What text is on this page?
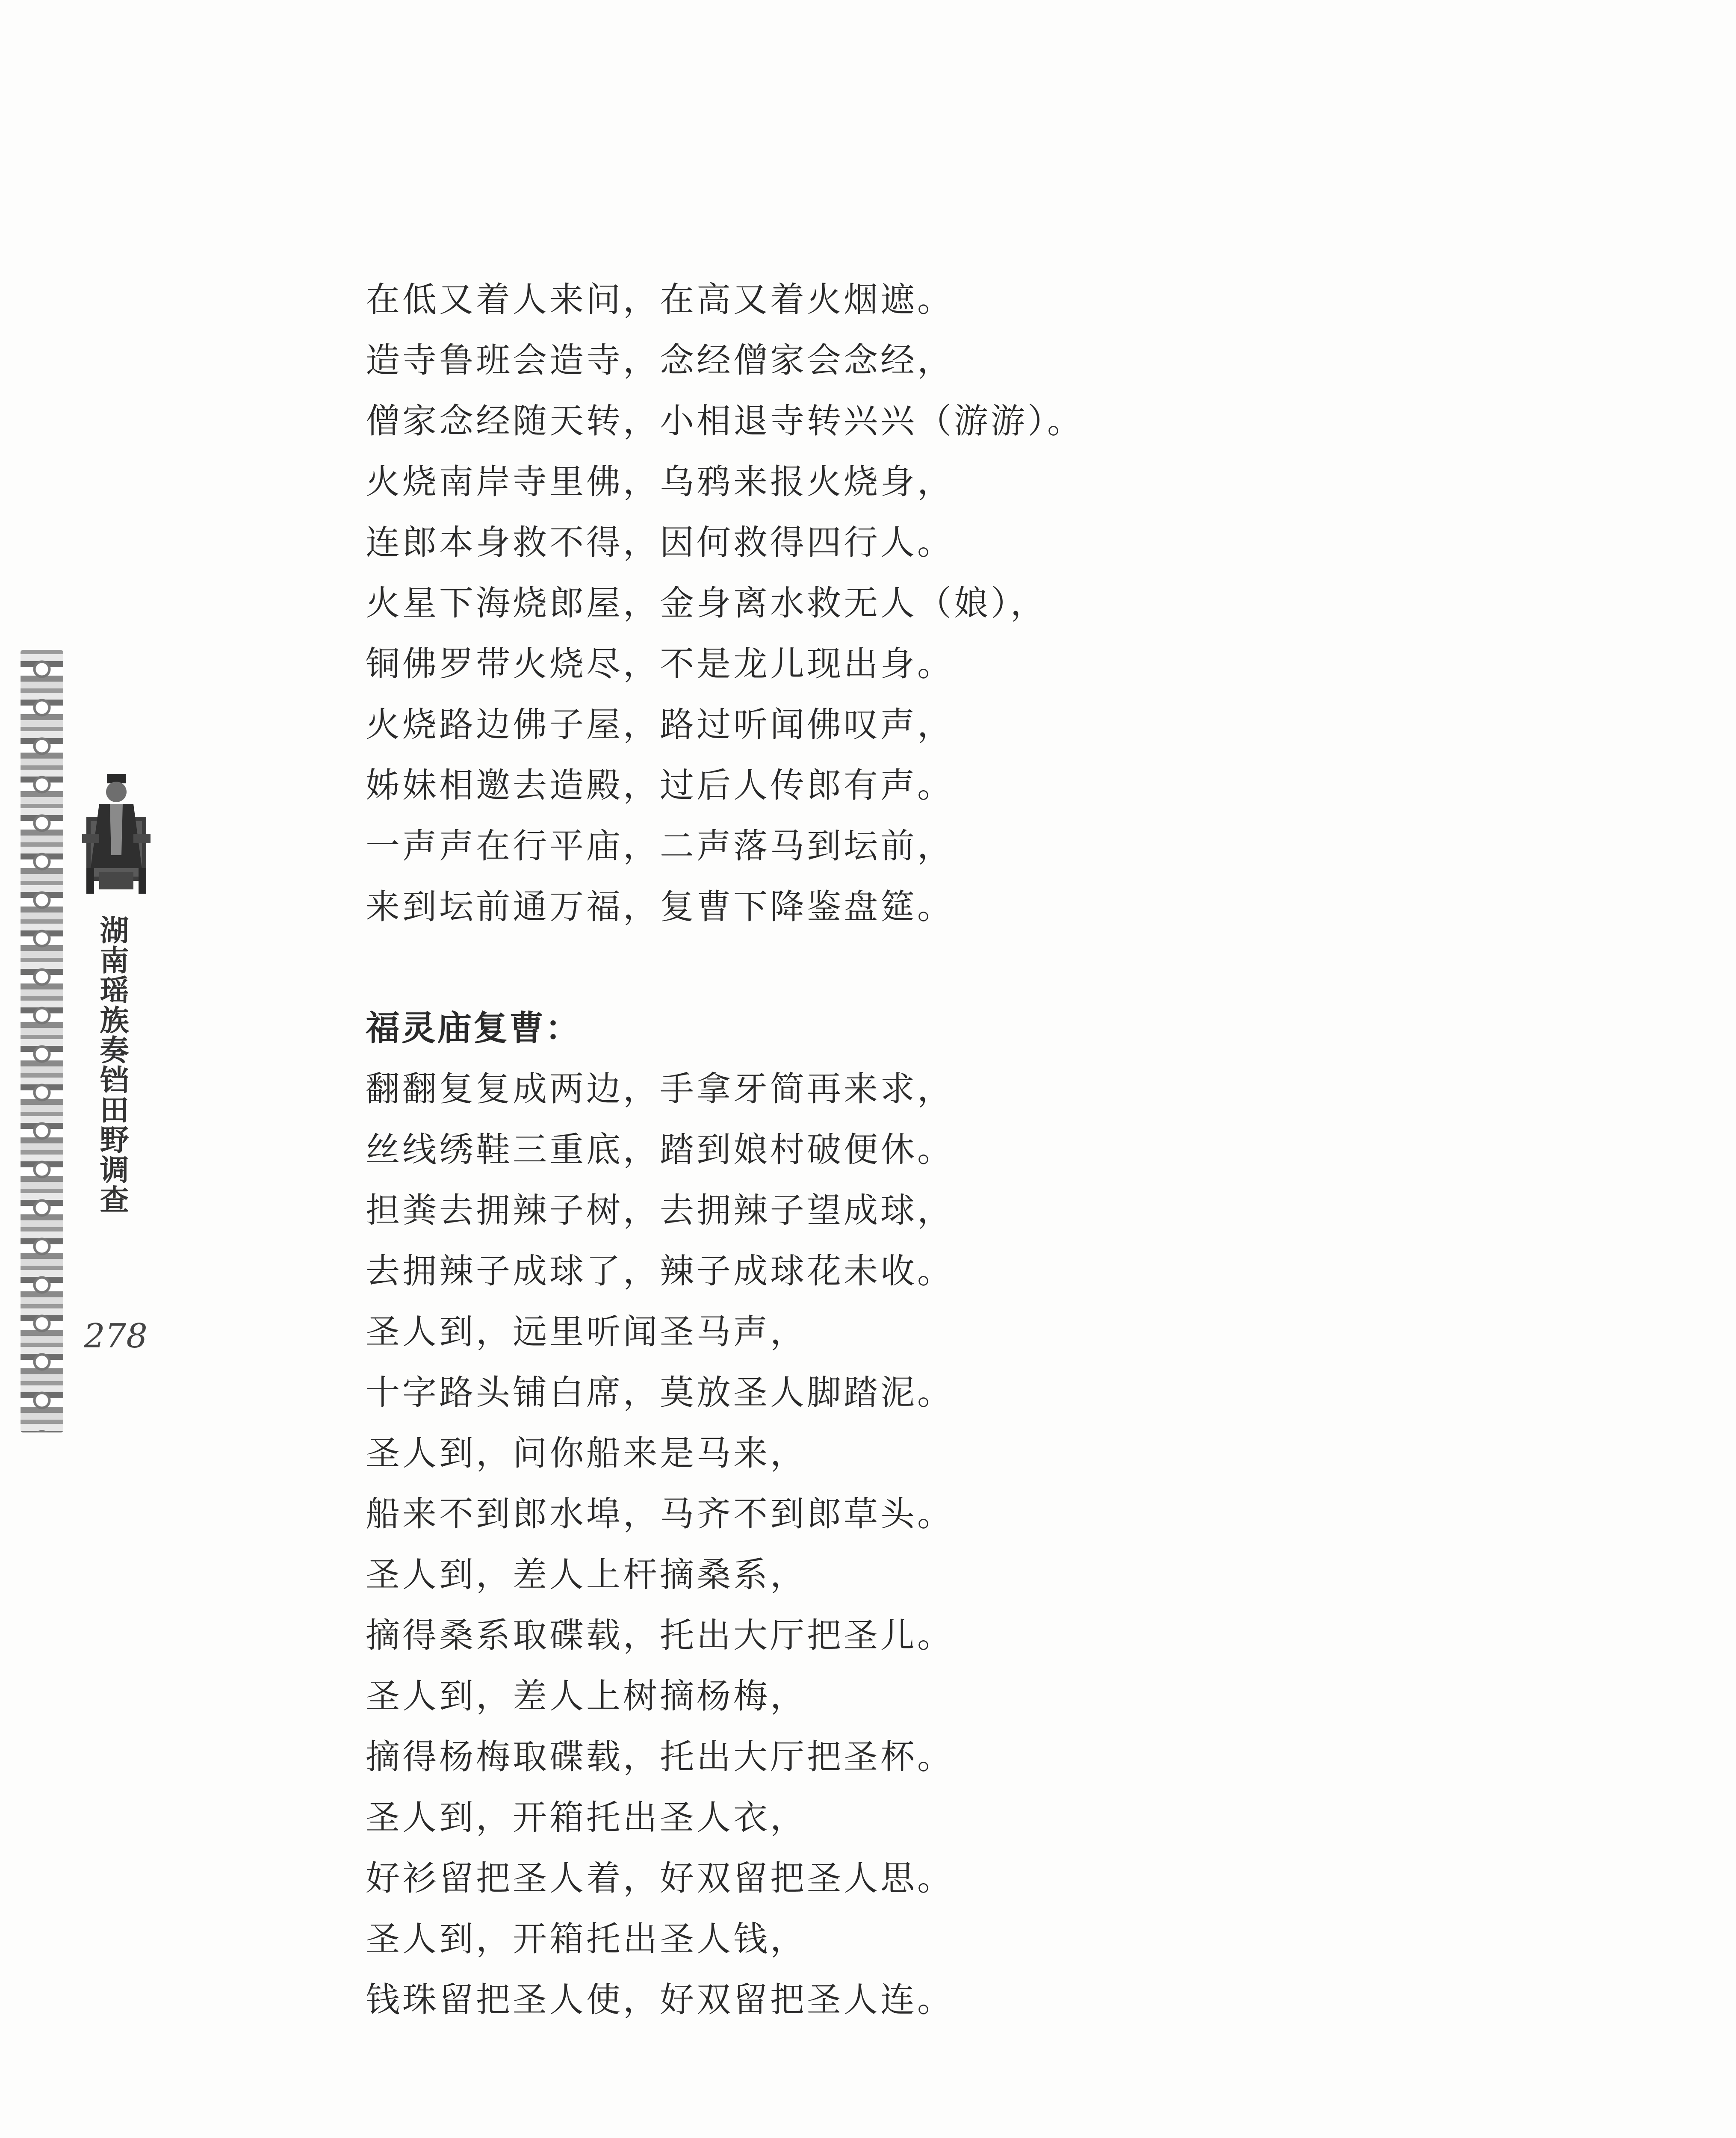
湖南瑶族奏铛田野调查
278
在低又着人来问，在高又着火烟遮。
造寺鲁班会造寺，念经僧家会念经，
僧家念经随天转，小相退寺转兴兴（游游）。
火烧南岸寺里佛，乌鸦来报火烧身，
连郎本身救不得，因何救得四行人。
火星下海烧郎屋，金身离水救无人（娘），
铜佛罗带火烧尽，不是龙儿现出身。
火烧路边佛子屋，路过听闻佛叹声，
姊妹相邀去造殿，过后人传郎有声。
一声声在行平庙，二声落马到坛前，
来到坛前通万福，复曹下降鉴盘筵。
福灵庙复曹：
翻翻复复成两边，手拿牙简再来求，
丝线绣鞋三重底，踏到娘村破便休。
担粪去拥辣子树，去拥辣子望成球，
去拥辣子成球了，辣子成球花未收。
圣人到，远里听闻圣马声，
十字路头铺白席，莫放圣人脚踏泥。
圣人到，问你船来是马来，
船来不到郎水埠，马齐不到郎草头。
圣人到，差人上杆摘桑系，
摘得桑系取碟载，托出大厅把圣儿。
圣人到，差人上树摘杨梅，
摘得杨梅取碟载，托出大厅把圣杯。
圣人到，开箱托出圣人衣，
好衫留把圣人着，好双留把圣人思。
圣人到，开箱托出圣人钱，
钱珠留把圣人使，好双留把圣人连。
